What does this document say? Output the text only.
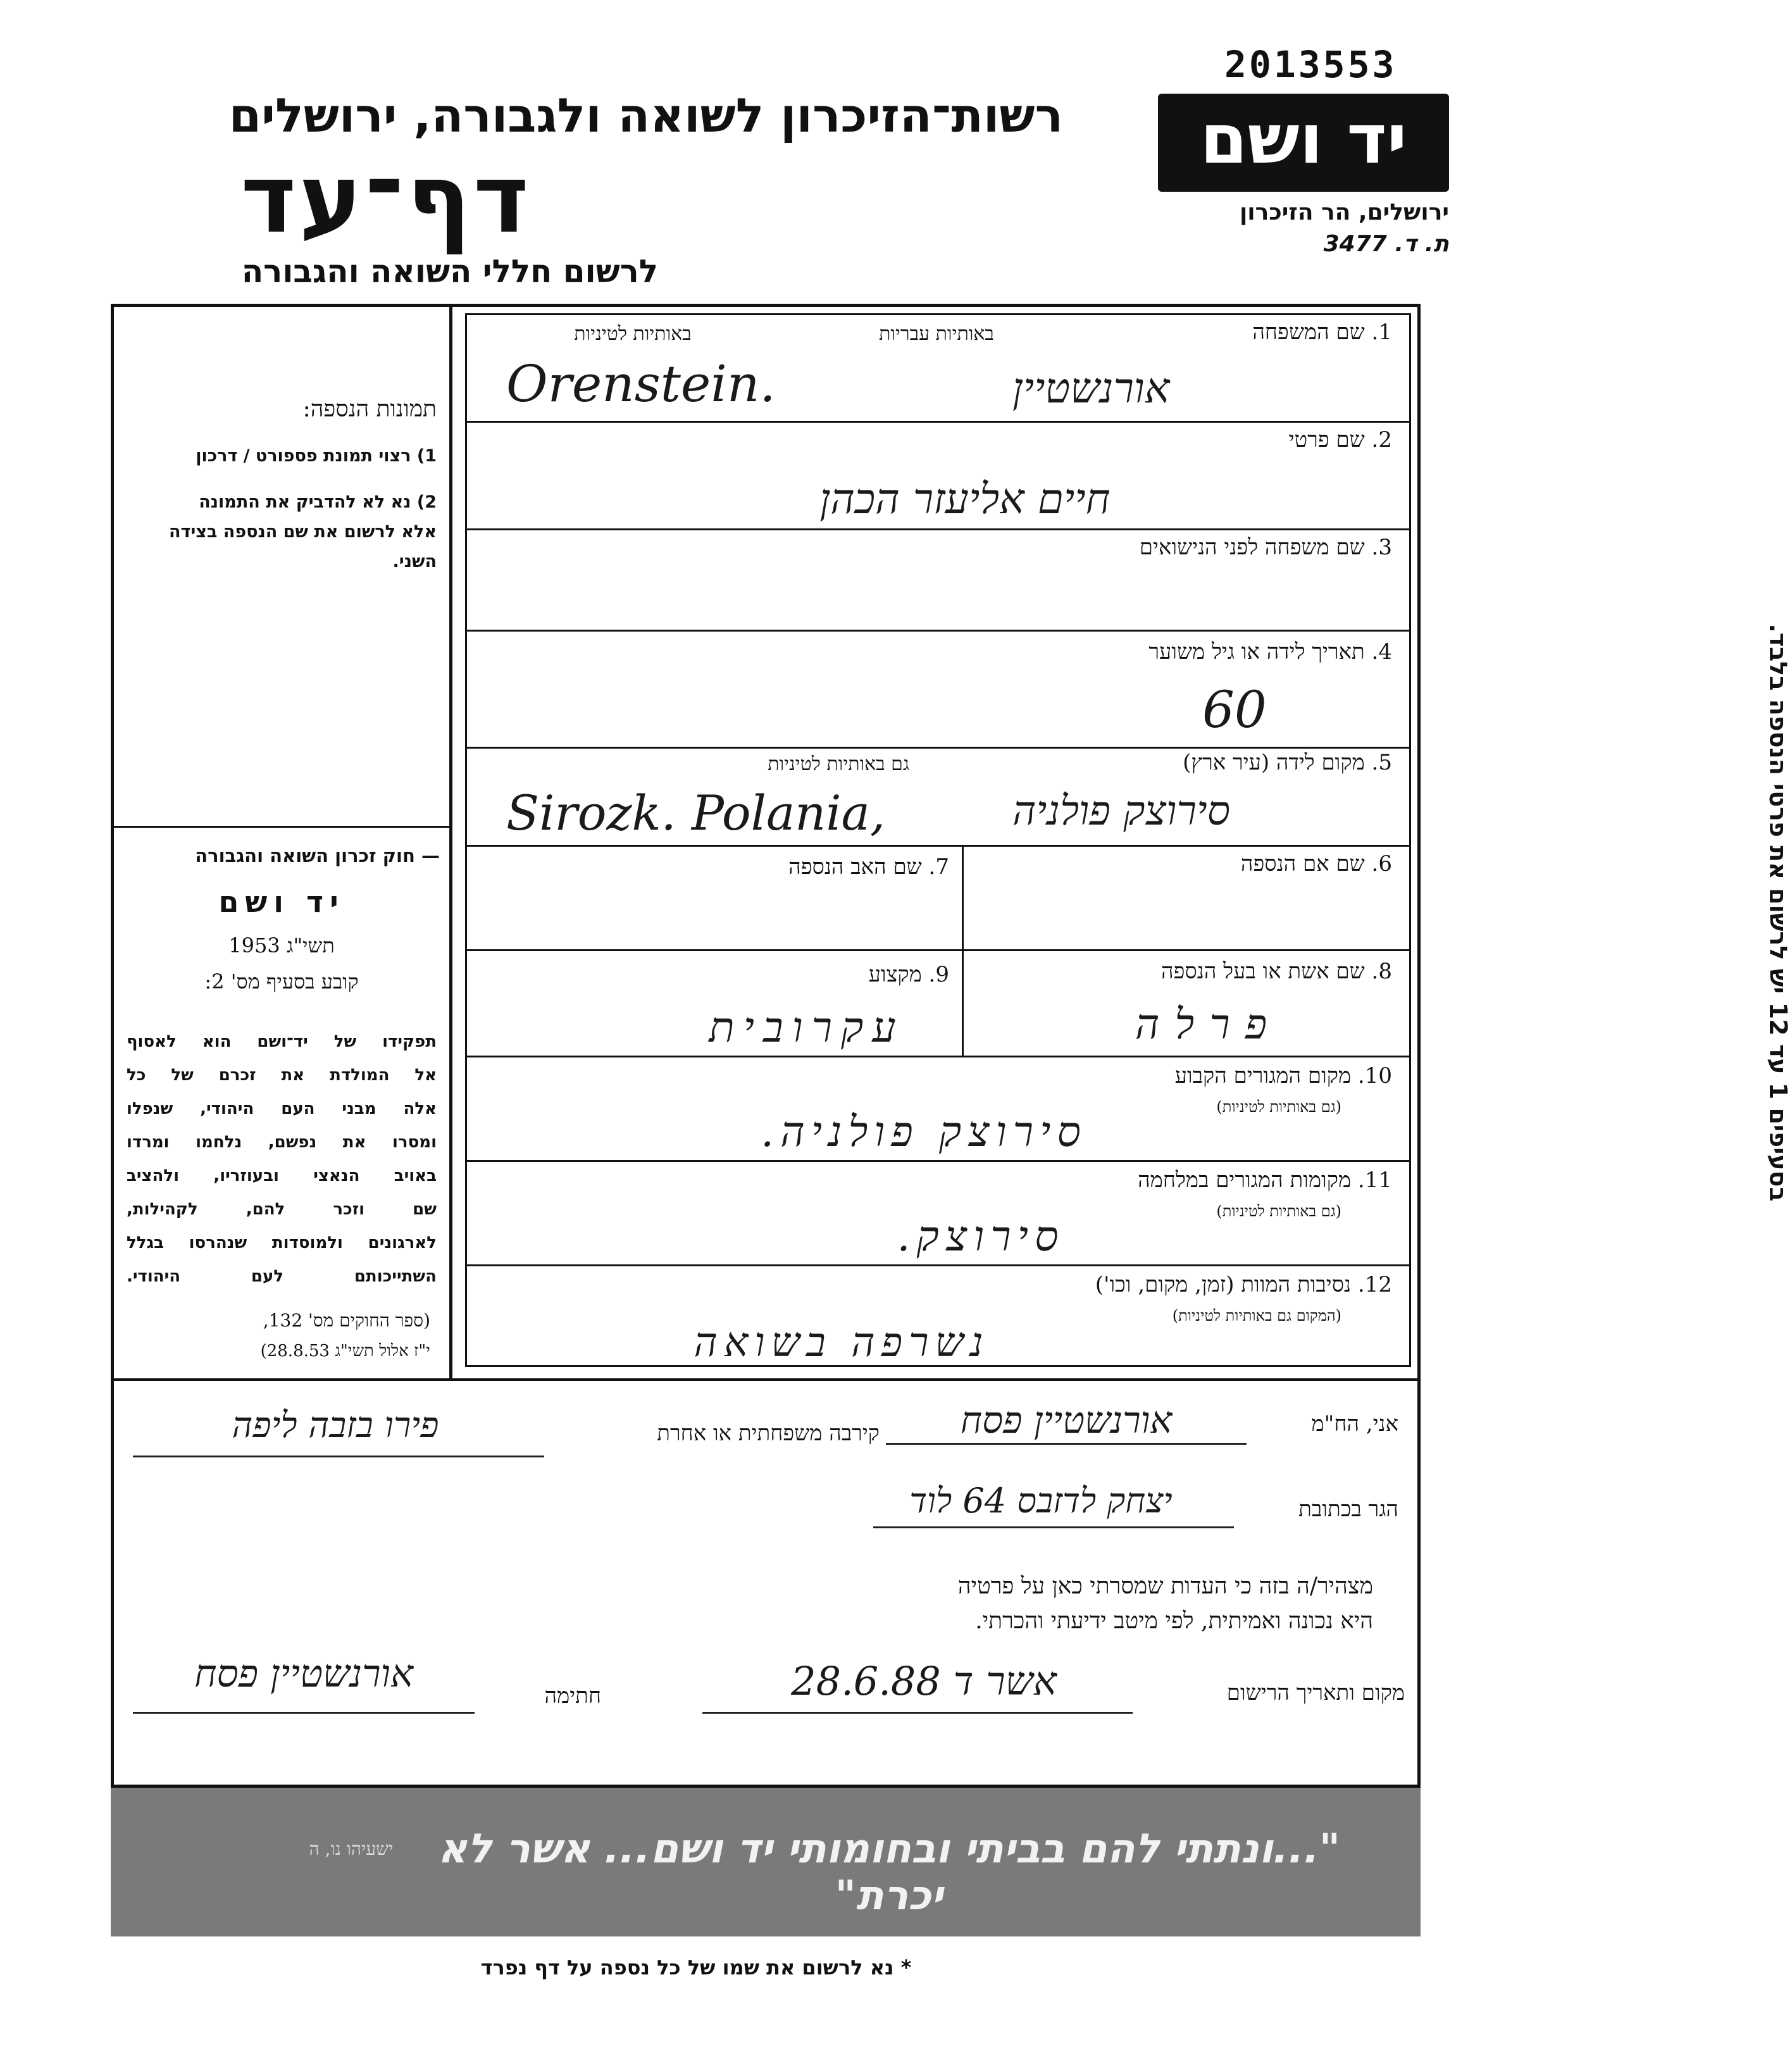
2013553
יד ושם
ירושלים, הר הזיכרון
ת. ד. 3477
רשות־הזיכרון לשואה ולגבורה, ירושלים
דף־עד
לרשום חללי השואה והגבורה
תמונות הנספה:
1) רצוי תמונת פספורט / דרכון
2) נא לא להדביק את התמונה
אלא לרשום את שם הנספה בצידה
השני.
— חוק זכרון השואה והגבורה
יד ושם
תשי"ג 1953
קובע בסעיף מס' 2:
תפקידו של יד־ושם הוא לאסוף
אל המולדת את זכרם של כל
אלה מבני העם היהודי, שנפלו
ומסרו את נפשם, נלחמו ומרדו
באויב הנאצי ובעוזריו, ולהציב
שם וזכר להם, לקהילות,
לארגונים ולמוסדות שנהרסו בגלל
השתייכותם לעם היהודי.
(ספר החוקים מס' 132,
י"ז אלול תשי"ג 28.8.53)
1. שם המשפחה
באותיות עבריות
באותיות לטיניות
Orenstein.	אורנשטיין
2. שם פרטי
חיים אליעזר הכהן
3. שם משפחה לפני הנישואים
4. תאריך לידה או גיל משוער
60
5. מקום לידה (עיר ארץ)
גם באותיות לטיניות
Sirozk. Polania,	סירוצק פולניה
6. שם אם הנספה
7. שם האב הנספה
8. שם אשת או בעל הנספה
פרלה
9. מקצוע
עקרובית
10. מקום המגורים הקבוע
(גם באותיות לטיניות)
סירוצק פולניה.
11. מקומות המגורים במלחמה
(גם באותיות לטיניות)
סירוצק.
12. נסיבות המוות (זמן, מקום, וכו')
(המקום גם באותיות לטיניות)
נשרפה בשואה
בסעיפים 1 עד 12 יש לרשום את פרטי הנספה בלבד.
אני, הח"מ
אורנשטיין פסח
קירבה משפחתית או אחרת
פירו בזבה ליפה
הגר בכתובת
יצחק לדזבס 64 לוד
מצהיר/ה בזה כי העדות שמסרתי כאן על פרטיה
היא נכונה ואמיתית, לפי מיטב ידיעתי והכרתי.
מקום ותאריך הרישום
אשר ד 28.6.88
חתימה
אורנשטיין פסח
"...ונתתי להם בביתי ובחומותי יד ושם... אשר לא יכרת"
ישעיהו נו, ה
* נא לרשום את שמו של כל נספה על דף נפרד
